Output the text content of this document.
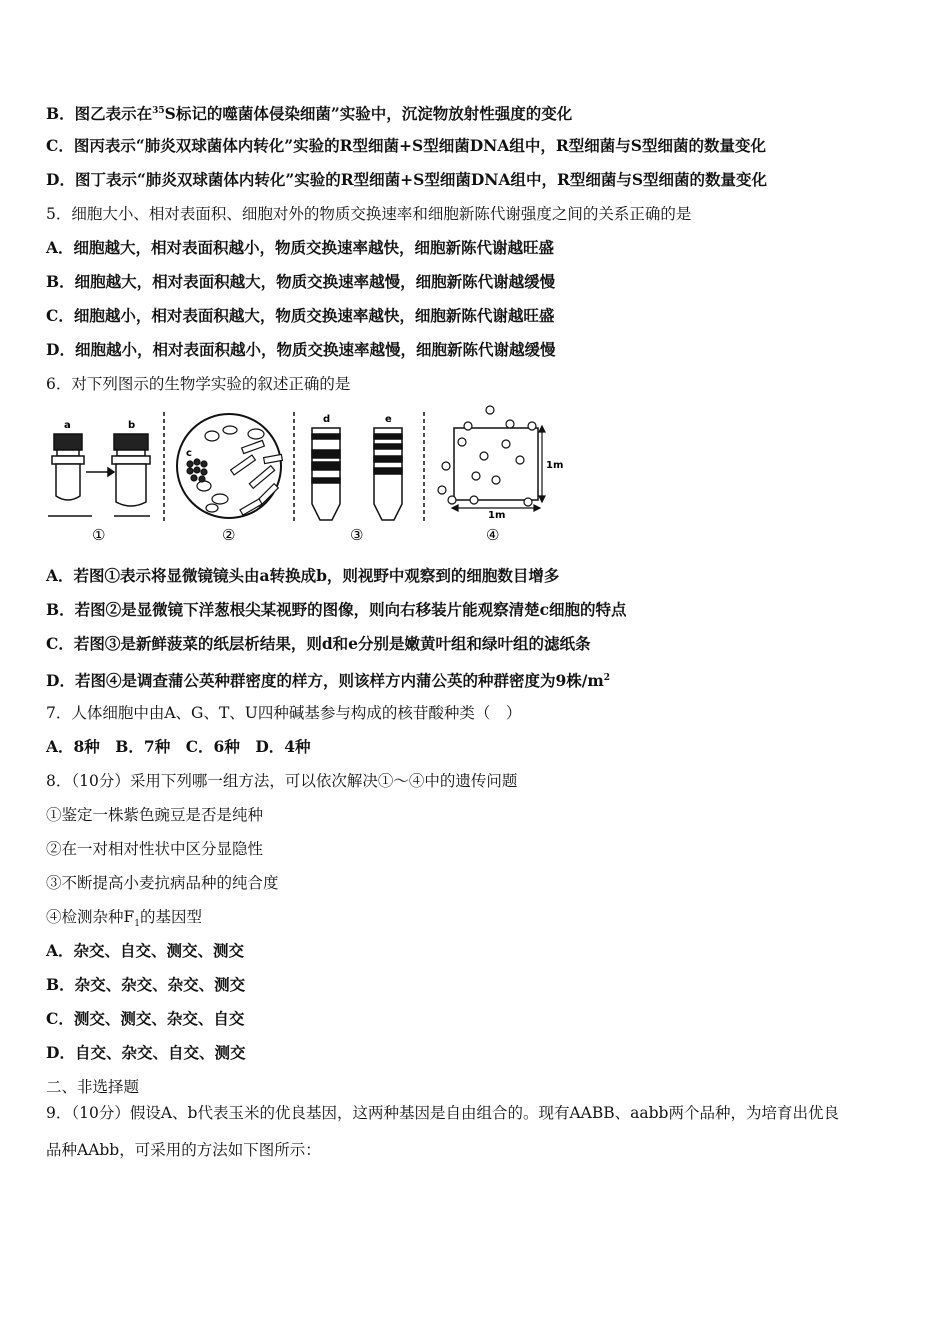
B．图乙表示在$^{35}$S标记的噬菌体侵染细菌”实验中，沉淀物放射性强度的变化
C．图丙表示“肺炎双球菌体内转化”实验的R型细菌+S型细菌DNA组中，R型细菌与S型细菌的数量变化
D．图丁表示“肺炎双球菌体内转化”实验的R型细菌+S型细菌DNA组中，R型细菌与S型细菌的数量变化
5．细胞大小、相对表面积、细胞对外的物质交换速率和细胞新陈代谢强度之间的关系正确的是
A．细胞越大，相对表面积越小，物质交换速率越快，细胞新陈代谢越旺盛
B．细胞越大，相对表面积越大，物质交换速率越慢，细胞新陈代谢越缓慢
C．细胞越小，相对表面积越大，物质交换速率越快，细胞新陈代谢越旺盛
D．细胞越小，相对表面积越小，物质交换速率越慢，细胞新陈代谢越缓慢
6．对下列图示的生物学实验的叙述正确的是
a	b
c
d	e
1m
1m
①	②	③	④
A．若图①表示将显微镜镜头由a转换成b，则视野中观察到的细胞数目增多
B．若图②是显微镜下洋葱根尖某视野的图像，则向右移装片能观察清楚c细胞的特点
C．若图③是新鲜菠菜的纸层析结果，则d和e分别是嫩黄叶组和绿叶组的滤纸条
D．若图④是调查蒲公英种群密度的样方，则该样方内蒲公英的种群密度为9株$/m^2$
7．人体细胞中由A、G、T、U四种碱基参与构成的核苷酸种类（　）
A．8种　B．7种　C．6种　D．4种
8．（10分）采用下列哪一组方法，可以依次解决①～④中的遗传问题
①鉴定一株紫色豌豆是否是纯种
②在一对相对性状中区分显隐性
③不断提高小麦抗病品种的纯合度
④检测杂种$F_1$的基因型
A．杂交、自交、测交、测交
B．杂交、杂交、杂交、测交
C．测交、测交、杂交、自交
D．自交、杂交、自交、测交
二、非选择题
9．（10分）假设A、b代表玉米的优良基因，这两种基因是自由组合的。现有AABB、aabb两个品种，为培育出优良
品种AAbb，可采用的方法如下图所示：
